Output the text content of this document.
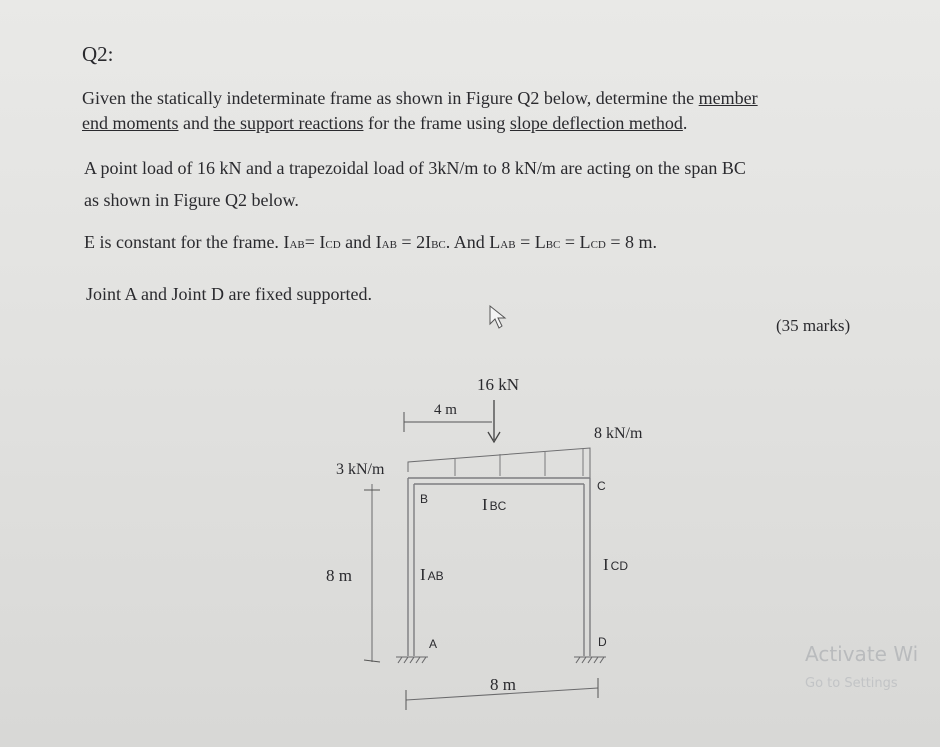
Q2:
Given the statically indeterminate frame as shown in Figure Q2 below, determine the member
end moments and the support reactions for the frame using slope deflection method.
A point load of 16 kN and a trapezoidal load of 3kN/m to 8 kN/m are acting on the span BC
as shown in Figure Q2 below.
E is constant for the frame. IAB= ICD and IAB = 2IBC. And LAB = LBC = LCD = 8 m.
Joint A and Joint D are fixed supported.
(35 marks)
16 kN
4 m
3 kN/m
8 kN/m
B
C
A	D
I BC
I AB
I CD
8 m
8 m
Activate Wi
Go to Settings
